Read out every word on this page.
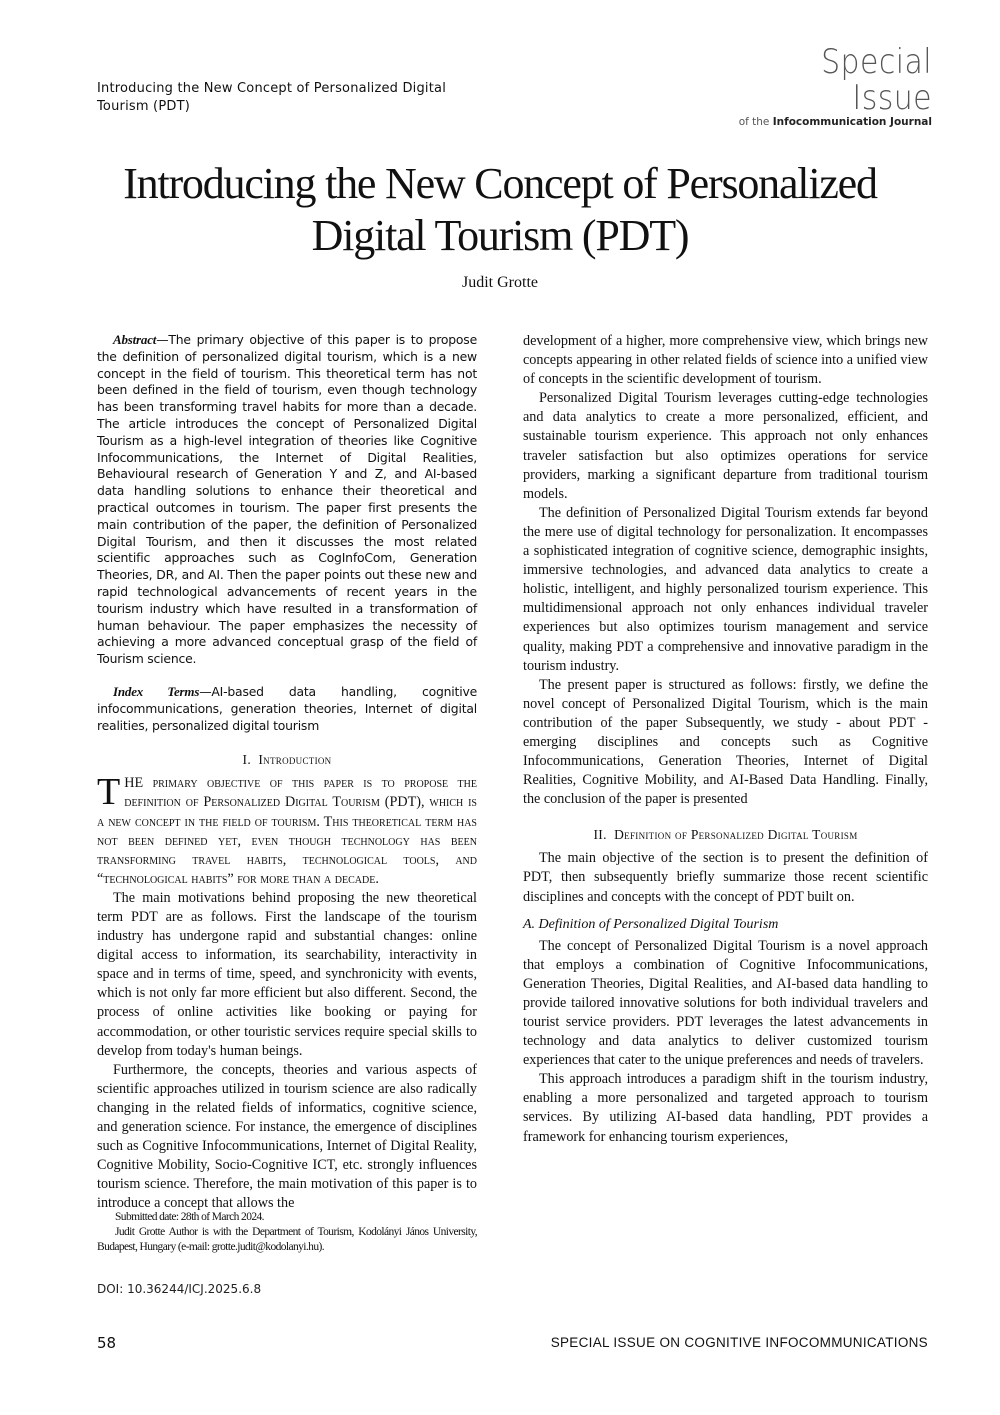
Introducing the New Concept of Personalized Digital Tourism (PDT)
Special Issue
of the Infocommunication Journal
Introducing the New Concept of Personalized
Digital Tourism (PDT)
Judit Grotte

Abstract—The primary objective of this paper is to propose the definition of personalized digital tourism, which is a new concept in the field of tourism. This theoretical term has not been defined in the field of tourism, even though technology has been transforming travel habits for more than a decade. The article introduces the concept of Personalized Digital Tourism as a high-level integration of theories like Cognitive Infocommunications, the Internet of Digital Realities, Behavioural research of Generation Y and Z, and AI-based data handling solutions to enhance their theoretical and practical outcomes in tourism. The paper first presents the main contribution of the paper, the definition of Personalized Digital Tourism, and then it discusses the most related scientific approaches such as CogInfoCom, Generation Theories, DR, and AI. Then the paper points out these new and rapid technological advancements of recent years in the tourism industry which have resulted in a transformation of human behaviour. The paper emphasizes the necessity of achieving a more advanced conceptual grasp of the field of Tourism science.

Index Terms—AI-based data handling, cognitive infocommunications, generation theories, Internet of digital realities, personalized digital tourism

I. Introduction

THE primary objective of this paper is to propose the definition of Personalized Digital Tourism (PDT), which is a new concept in the field of tourism. This theoretical term has not been defined yet, even though technology has been transforming travel habits, technological tools, and “technological habits” for more than a decade.

The main motivations behind proposing the new theoretical term PDT are as follows. First the landscape of the tourism industry has undergone rapid and substantial changes: online digital access to information, its searchability, interactivity in space and in terms of time, speed, and synchronicity with events, which is not only far more efficient but also different. Second, the process of online activities like booking or paying for accommodation, or other touristic services require special skills to develop from today's human beings.

Furthermore, the concepts, theories and various aspects of scientific approaches utilized in tourism science are also radically changing in the related fields of informatics, cognitive science, and generation science. For instance, the emergence of disciplines such as Cognitive Infocommunications, Internet of Digital Reality, Cognitive Mobility, Socio-Cognitive ICT, etc. strongly influences tourism science. Therefore, the main motivation of this paper is to introduce a concept that allows the

development of a higher, more comprehensive view, which brings new concepts appearing in other related fields of science into a unified view of concepts in the scientific development of tourism.

Personalized Digital Tourism leverages cutting-edge technologies and data analytics to create a more personalized, efficient, and sustainable tourism experience. This approach not only enhances traveler satisfaction but also optimizes operations for service providers, marking a significant departure from traditional tourism models.

The definition of Personalized Digital Tourism extends far beyond the mere use of digital technology for personalization. It encompasses a sophisticated integration of cognitive science, demographic insights, immersive technologies, and advanced data analytics to create a holistic, intelligent, and highly personalized tourism experience. This multidimensional approach not only enhances individual traveler experiences but also optimizes tourism management and service quality, making PDT a comprehensive and innovative paradigm in the tourism industry.

The present paper is structured as follows: firstly, we define the novel concept of Personalized Digital Tourism, which is the main contribution of the paper Subsequently, we study - about PDT - emerging disciplines and concepts such as Cognitive Infocommunications, Generation Theories, Internet of Digital Realities, Cognitive Mobility, and AI-Based Data Handling. Finally, the conclusion of the paper is presented

II. Definition of Personalized Digital Tourism

The main objective of the section is to present the definition of PDT, then subsequently briefly summarize those recent scientific disciplines and concepts with the concept of PDT built on.

A. Definition of Personalized Digital Tourism

The concept of Personalized Digital Tourism is a novel approach that employs a combination of Cognitive Infocommunications, Generation Theories, Digital Realities, and AI-based data handling to provide tailored innovative solutions for both individual travelers and tourist service providers. PDT leverages the latest advancements in technology and data analytics to deliver customized tourism experiences that cater to the unique preferences and needs of travelers.

This approach introduces a paradigm shift in the tourism industry, enabling a more personalized and targeted approach to tourism services. By utilizing AI-based data handling, PDT provides a framework for enhancing tourism experiences,

Submitted date: 28th of March 2024.

Judit Grotte Author is with the Department of Tourism, Kodolányi János University, Budapest, Hungary (e-mail: grotte.judit@kodolanyi.hu).

DOI: 10.36244/ICJ.2025.6.8
58	SPECIAL ISSUE ON COGNITIVE INFOCOMMUNICATIONS
